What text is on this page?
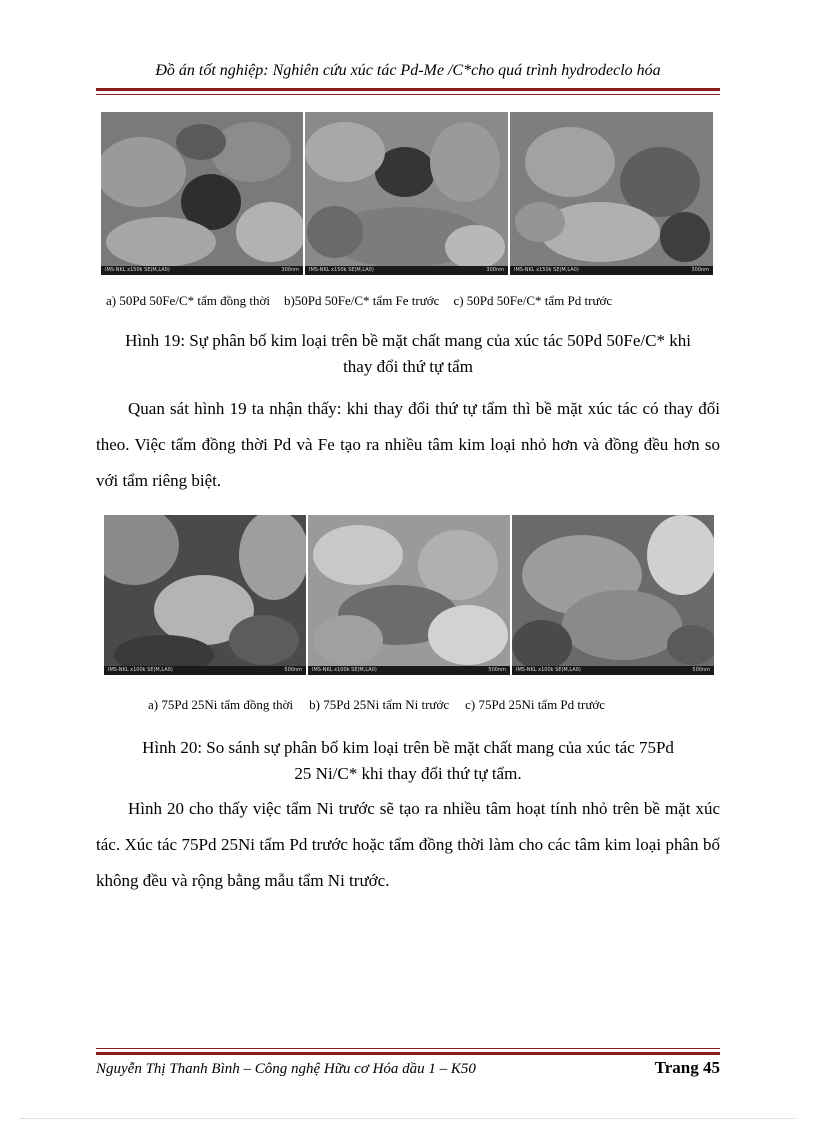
Đồ án tốt nghiệp: Nghiên cứu xúc tác Pd-Me /C*cho quá trình hydrodeclo hóa
IMS-NKL x150k SE(M,LA0)	300nm IMS-NKL x150k SE(M,LA0)	300nm IMS-NKL x150k SE(M,LA0)	300nm
a) 50Pd 50Fe/C* tẩm đồng thời b)50Pd 50Fe/C* tẩm Fe trước c) 50Pd 50Fe/C* tẩm Pd trước
Hình 19: Sự phân bố kim loại trên bề mặt chất mang của xúc tác 50Pd 50Fe/C* khi
thay đổi thứ tự tẩm

Quan sát hình 19 ta nhận thấy: khi thay đổi thứ tự tẩm thì bề mặt xúc tác có thay đổi theo. Việc tẩm đồng thời Pd và Fe tạo ra nhiều tâm kim loại nhỏ hơn và đồng đều hơn so với tẩm riêng biệt.

IMS-NKL x100k SE(M,LA0)	500nm IMS-NKL x100k SE(M,LA0)	500nm IMS-NKL x100k SE(M,LA0)	500nm
a) 75Pd 25Ni tẩm đồng thời b) 75Pd 25Ni tẩm Ni trước c) 75Pd 25Ni tẩm Pd trước
Hình 20: So sánh sự phân bố kim loại trên bề mặt chất mang của xúc tác 75Pd
25 Ni/C* khi thay đổi thứ tự tẩm.

Hình 20 cho thấy việc tẩm Ni trước sẽ tạo ra nhiều tâm hoạt tính nhỏ trên bề mặt xúc tác. Xúc tác 75Pd 25Ni tẩm Pd trước hoặc tẩm đồng thời làm cho các tâm kim loại phân bố không đều và rộng bằng mẫu tẩm Ni trước.

Nguyễn Thị Thanh Bình – Công nghệ Hữu cơ Hóa dầu 1 – K50	Trang 45
